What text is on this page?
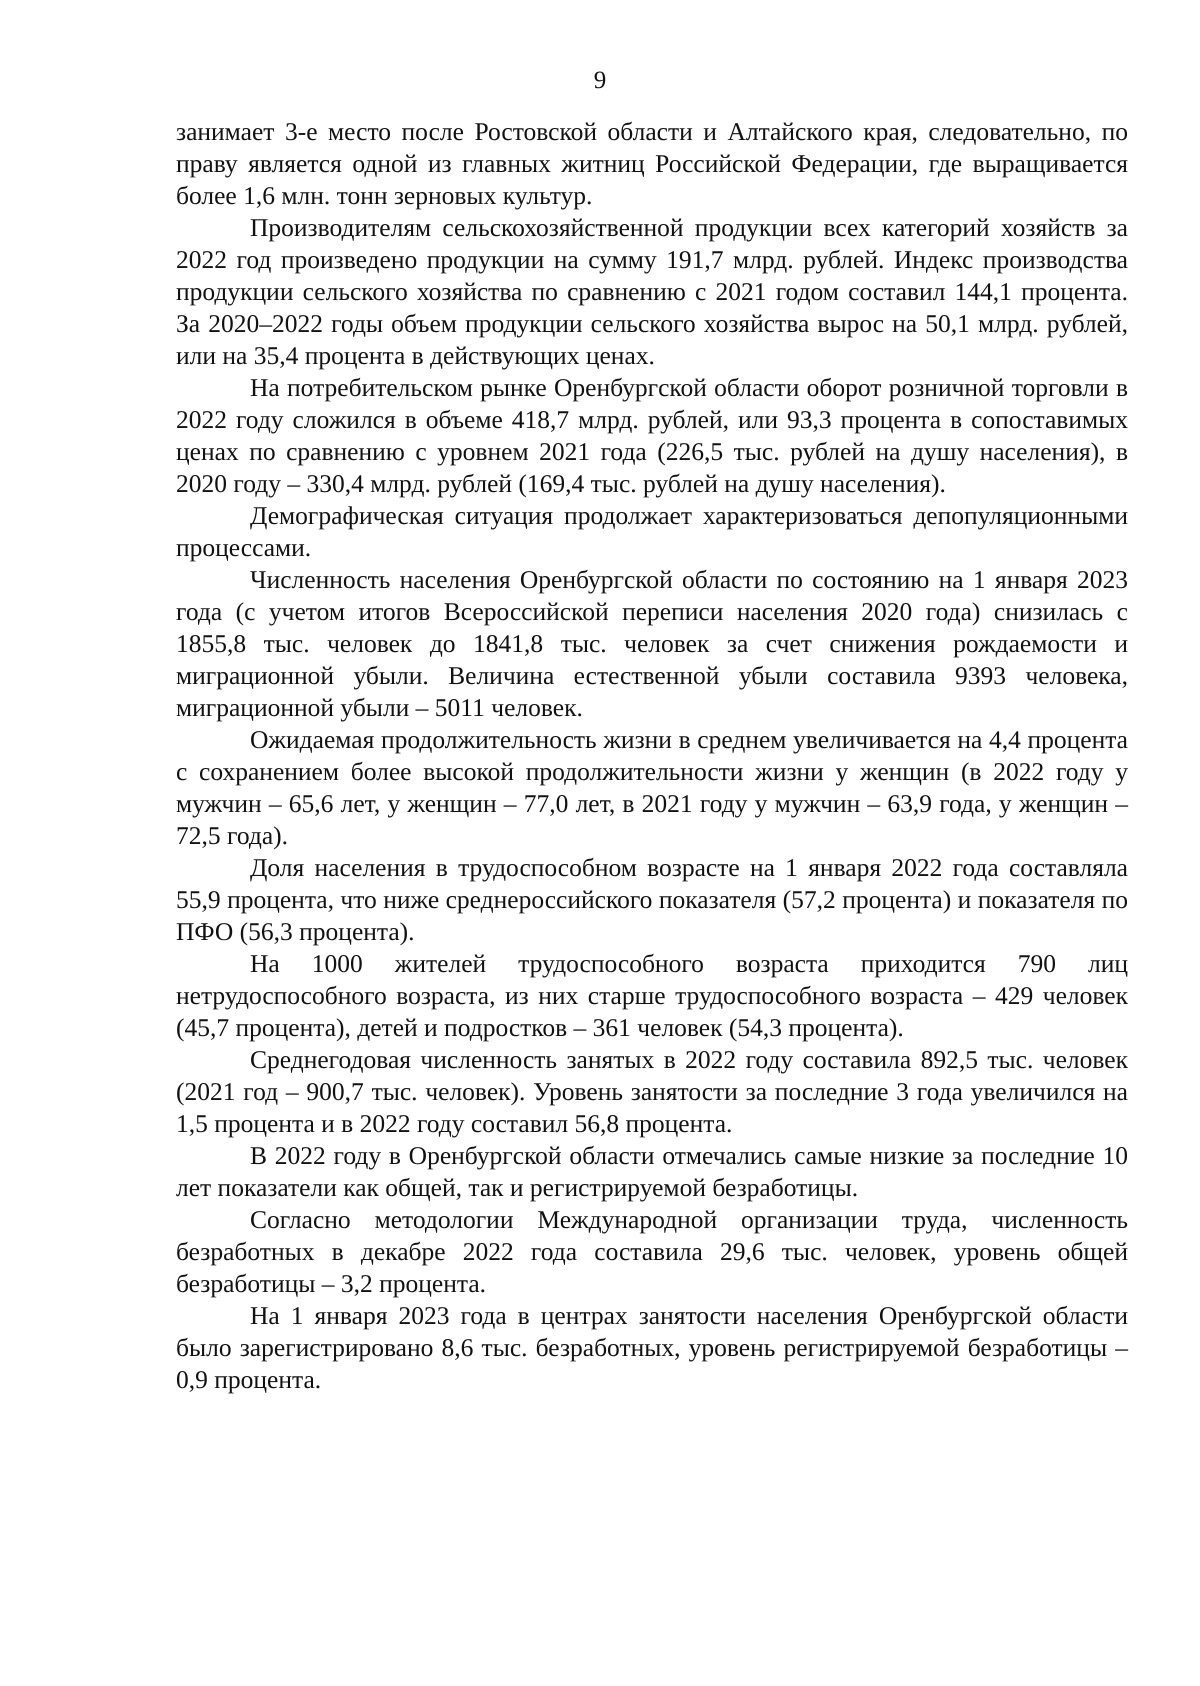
9

занимает 3-е место после Ростовской области и Алтайского края, следовательно, по праву является одной из главных житниц Российской Федерации, где выращивается более 1,6 млн. тонн зерновых культур.

Производителям сельскохозяйственной продукции всех категорий хозяйств за 2022 год произведено продукции на сумму 191,7 млрд. рублей. Индекс производства продукции сельского хозяйства по сравнению с 2021 годом составил 144,1 процента. За 2020–2022 годы объем продукции сельского хозяйства вырос на 50,1 млрд. рублей, или на 35,4 процента в действующих ценах.

На потребительском рынке Оренбургской области оборот розничной торговли в 2022 году сложился в объеме 418,7 млрд. рублей, или 93,3 процента в сопоставимых ценах по сравнению с уровнем 2021 года (226,5 тыс. рублей на душу населения), в 2020 году – 330,4 млрд. рублей (169,4 тыс. рублей на душу населения).

Демографическая ситуация продолжает характеризоваться депопуляционными процессами.

Численность населения Оренбургской области по состоянию на 1 января 2023 года (с учетом итогов Всероссийской переписи населения 2020 года) снизилась с 1855,8 тыс. человек до 1841,8 тыс. человек за счет снижения рождаемости и миграционной убыли. Величина естественной убыли составила 9393 человека, миграционной убыли – 5011 человек.

Ожидаемая продолжительность жизни в среднем увеличивается на 4,4 процента с сохранением более высокой продолжительности жизни у женщин (в 2022 году у мужчин – 65,6 лет, у женщин – 77,0 лет, в 2021 году у мужчин – 63,9 года, у женщин – 72,5 года).

Доля населения в трудоспособном возрасте на 1 января 2022 года составляла 55,9 процента, что ниже среднероссийского показателя (57,2 процента) и показателя по ПФО (56,3 процента).

На 1000 жителей трудоспособного возраста приходится 790 лиц нетрудоспособного возраста, из них старше трудоспособного возраста – 429 человек (45,7 процента), детей и подростков – 361 человек (54,3 процента).

Среднегодовая численность занятых в 2022 году составила 892,5 тыс. человек (2021 год – 900,7 тыс. человек). Уровень занятости за последние 3 года увеличился на 1,5 процента и в 2022 году составил 56,8 процента.

В 2022 году в Оренбургской области отмечались самые низкие за последние 10 лет показатели как общей, так и регистрируемой безработицы.

Согласно методологии Международной организации труда, численность безработных в декабре 2022 года составила 29,6 тыс. человек, уровень общей безработицы – 3,2 процента.

На 1 января 2023 года в центрах занятости населения Оренбургской области было зарегистрировано 8,6 тыс. безработных, уровень регистрируемой безработицы – 0,9 процента.
